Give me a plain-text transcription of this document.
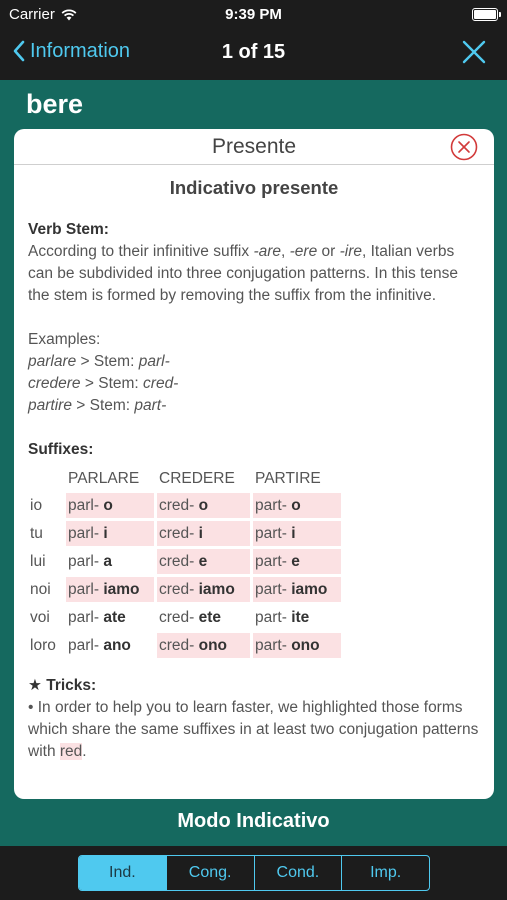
Carrier	9:39 PM
Information	1 of 15
bere
Presente
Indicativo presente
Verb Stem:
According to their infinitive suffix -are, -ere or -ire, Italian verbs can be subdivided into three conjugation patterns. In this tense the stem is formed by removing the suffix from the infinitive.
Examples:
parlare > Stem: parl-
credere > Stem: cred-
partire > Stem: part-
Suffixes:
	PARLARE		CREDERE		PARTIRE
io	parl- o		cred- o		part- o
tu	parl- i		cred- i		part- i
lui	parl- a		cred- e		part- e
noi	parl- iamo		cred- iamo		part- iamo
voi	parl- ate		cred- ete		part- ite
loro	parl- ano		cred- ono		part- ono
★ Tricks:
• In order to help you to learn faster, we highlighted those forms which share the same suffixes in at least two conjugation patterns with red.
Modo Indicativo
Ind.	Cong.	Cond.	Imp.
